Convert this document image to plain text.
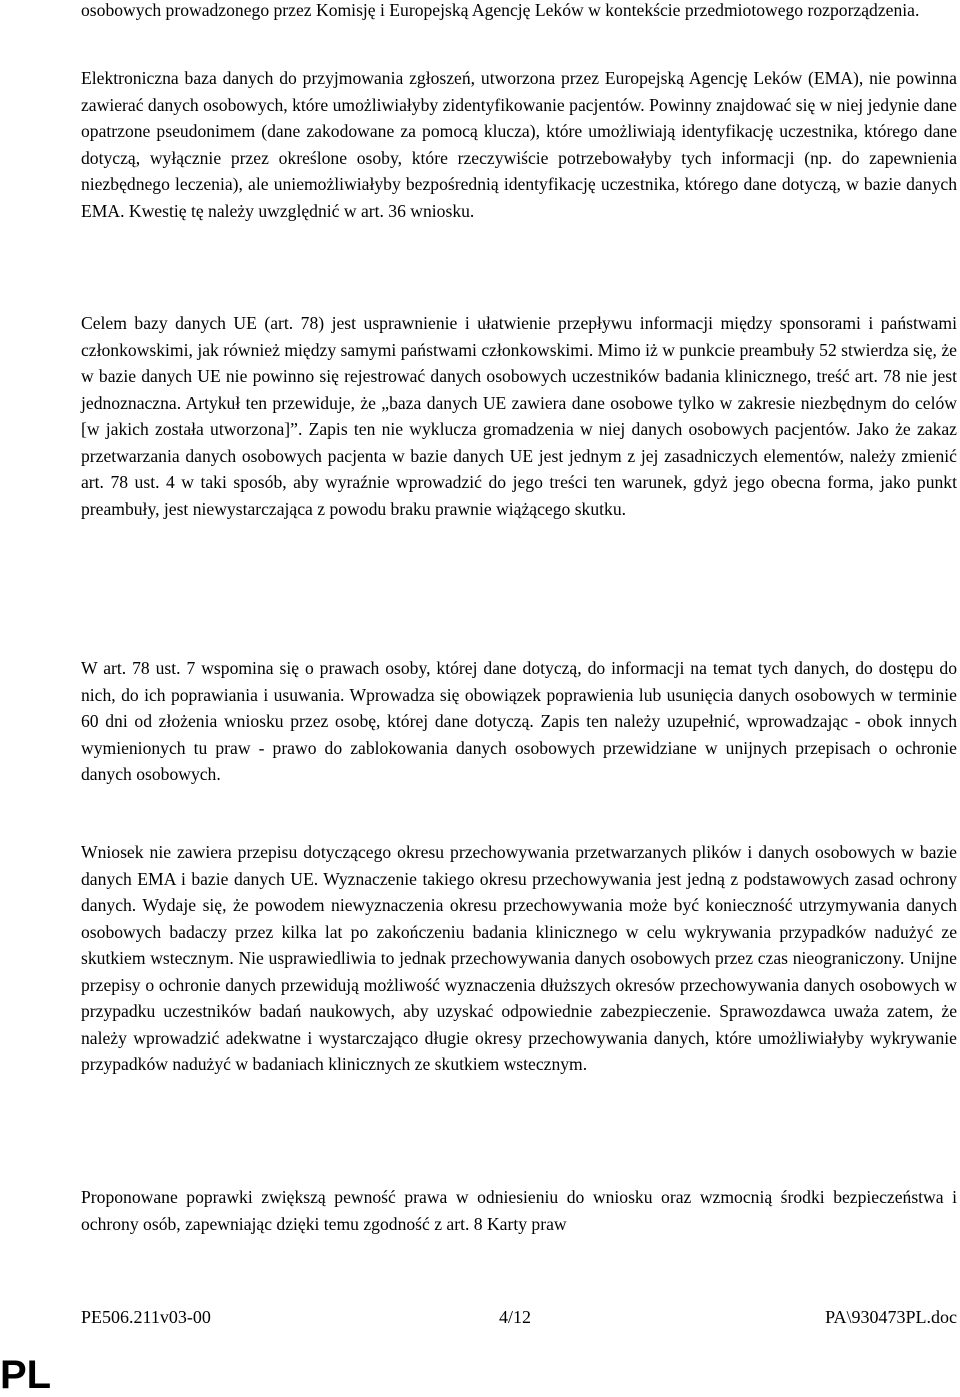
osobowych prowadzonego przez Komisję i Europejską Agencję Leków w kontekście przedmiotowego rozporządzenia.

Elektroniczna baza danych do przyjmowania zgłoszeń, utworzona przez Europejską Agencję Leków (EMA), nie powinna zawierać danych osobowych, które umożliwiałyby zidentyfikowanie pacjentów. Powinny znajdować się w niej jedynie dane opatrzone pseudonimem (dane zakodowane za pomocą klucza), które umożliwiają identyfikację uczestnika, którego dane dotyczą, wyłącznie przez określone osoby, które rzeczywiście potrzebowałyby tych informacji (np. do zapewnienia niezbędnego leczenia), ale uniemożliwiałyby bezpośrednią identyfikację uczestnika, którego dane dotyczą, w bazie danych EMA. Kwestię tę należy uwzględnić w art. 36 wniosku.

Celem bazy danych UE (art. 78) jest usprawnienie i ułatwienie przepływu informacji między sponsorami i państwami członkowskimi, jak również między samymi państwami członkowskimi. Mimo iż w punkcie preambuły 52 stwierdza się, że w bazie danych UE nie powinno się rejestrować danych osobowych uczestników badania klinicznego, treść art. 78 nie jest jednoznaczna. Artykuł ten przewiduje, że „baza danych UE zawiera dane osobowe tylko w zakresie niezbędnym do celów [w jakich została utworzona]”. Zapis ten nie wyklucza gromadzenia w niej danych osobowych pacjentów. Jako że zakaz przetwarzania danych osobowych pacjenta w bazie danych UE jest jednym z jej zasadniczych elementów, należy zmienić art. 78 ust. 4 w taki sposób, aby wyraźnie wprowadzić do jego treści ten warunek, gdyż jego obecna forma, jako punkt preambuły, jest niewystarczająca z powodu braku prawnie wiążącego skutku.

W art. 78 ust. 7 wspomina się o prawach osoby, której dane dotyczą, do informacji na temat tych danych, do dostępu do nich, do ich poprawiania i usuwania. Wprowadza się obowiązek poprawienia lub usunięcia danych osobowych w terminie 60 dni od złożenia wniosku przez osobę, której dane dotyczą. Zapis ten należy uzupełnić, wprowadzając - obok innych wymienionych tu praw - prawo do zablokowania danych osobowych przewidziane w unijnych przepisach o ochronie danych osobowych.

Wniosek nie zawiera przepisu dotyczącego okresu przechowywania przetwarzanych plików i danych osobowych w bazie danych EMA i bazie danych UE. Wyznaczenie takiego okresu przechowywania jest jedną z podstawowych zasad ochrony danych. Wydaje się, że powodem niewyznaczenia okresu przechowywania może być konieczność utrzymywania danych osobowych badaczy przez kilka lat po zakończeniu badania klinicznego w celu wykrywania przypadków nadużyć ze skutkiem wstecznym. Nie usprawiedliwia to jednak przechowywania danych osobowych przez czas nieograniczony. Unijne przepisy o ochronie danych przewidują możliwość wyznaczenia dłuższych okresów przechowywania danych osobowych w przypadku uczestników badań naukowych, aby uzyskać odpowiednie zabezpieczenie. Sprawozdawca uważa zatem, że należy wprowadzić adekwatne i wystarczająco długie okresy przechowywania danych, które umożliwiałyby wykrywanie przypadków nadużyć w badaniach klinicznych ze skutkiem wstecznym.

Proponowane poprawki zwiększą pewność prawa w odniesieniu do wniosku oraz wzmocnią środki bezpieczeństwa i ochrony osób, zapewniając dzięki temu zgodność z art. 8 Karty praw

PE506.211v03-00	4/12	PA\930473PL.doc
PL
